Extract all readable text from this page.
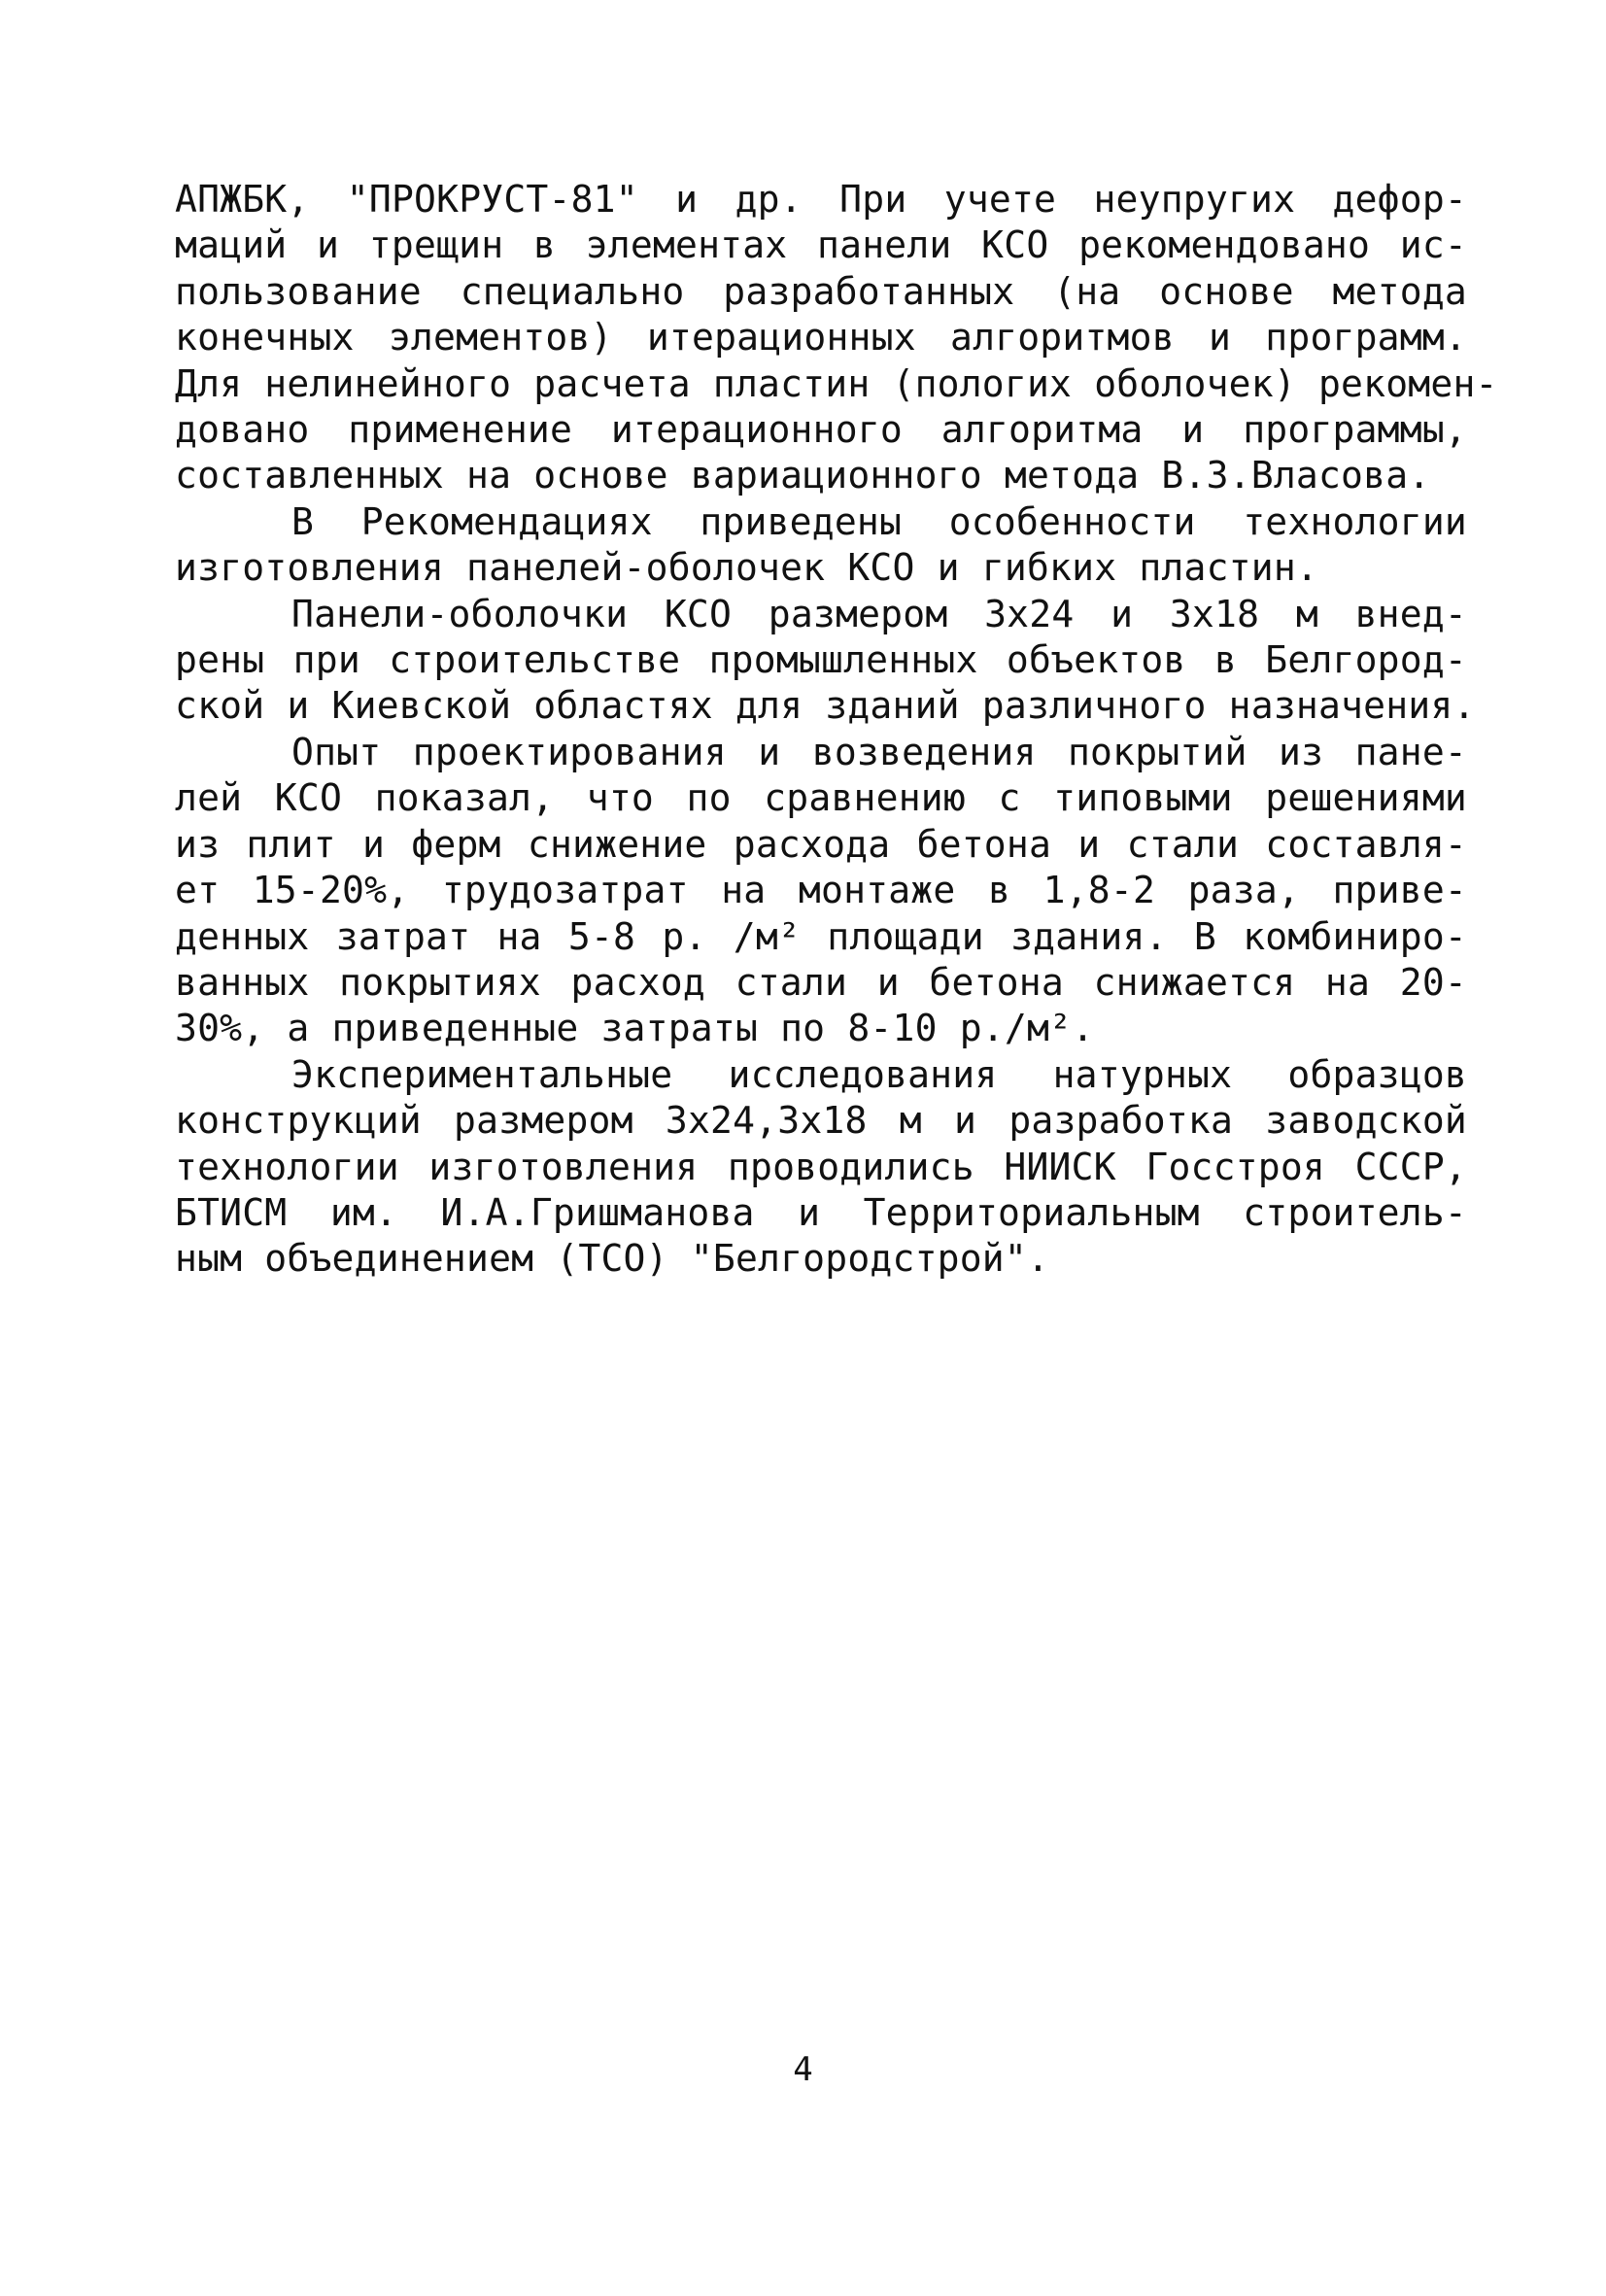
АПЖБК, "ПРОКРУСТ-81" и др. При учете неупругих дефор-
маций и трещин в элементах панели КСО рекомендовано ис-
пользование специально разработанных (на основе метода
конечных элементов) итерационных алгоритмов и программ.
Для нелинейного расчета пластин (пологих оболочек) рекомен-
довано применение итерационного алгоритма и программы,
составленных на основе вариационного метода В.З.Власова.
В Рекомендациях приведены особенности технологии
изготовления панелей-оболочек КСО и гибких пластин.
Панели-оболочки КСО размером 3х24 и 3х18 м внед-
рены при строительстве промышленных объектов в Белгород-
ской и Киевской областях для зданий различного назначения.
Опыт проектирования и возведения покрытий из пане-
лей КСО показал, что по сравнению с типовыми решениями
из плит и ферм снижение расхода бетона и стали составля-
ет 15-20%, трудозатрат на монтаже в 1,8-2 раза, приве-
денных затрат на 5-8 р. /м² площади здания. В комбиниро-
ванных покрытиях расход стали и бетона снижается на 20-
30%, а приведенные затраты по 8-10 р./м².
Экспериментальные исследования натурных образцов
конструкций размером 3х24,3х18 м и разработка заводской
технологии изготовления проводились НИИСК Госстроя СССР,
БТИСМ им. И.А.Гришманова и Территориальным строитель-
ным объединением (ТСО) "Белгородстрой".
4
